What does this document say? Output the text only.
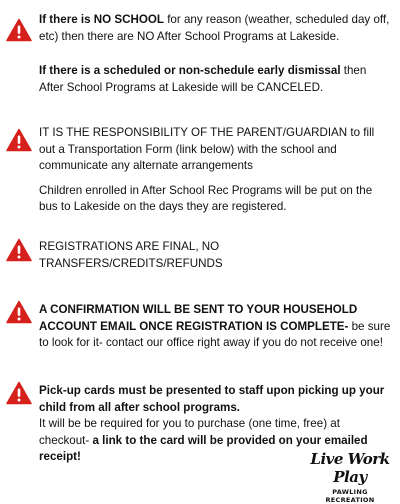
If there is NO SCHOOL for any reason (weather, scheduled day off, etc) then there are NO After School Programs at Lakeside.

If there is a scheduled or non-schedule early dismissal then After School Programs at Lakeside will be CANCELED.

IT IS THE RESPONSIBILITY OF THE PARENT/GUARDIAN to fill out a Transportation Form (link below) with the school and communicate any alternate arrangements

Children enrolled in After School Rec Programs will be put on the bus to Lakeside on the days they are registered.

REGISTRATIONS ARE FINAL, NO TRANSFERS/CREDITS/REFUNDS

A CONFIRMATION WILL BE SENT TO YOUR HOUSEHOLD ACCOUNT EMAIL ONCE REGISTRATION IS COMPLETE- be sure to look for it- contact our office right away if you do not receive one!

Pick-up cards must be presented to staff upon picking up your child from all after school programs.

It will be be required for you to purchase (one time, free) at checkout- a link to the card will be provided on your emailed receipt!	Live Work Play
PAWLING RECREATION
